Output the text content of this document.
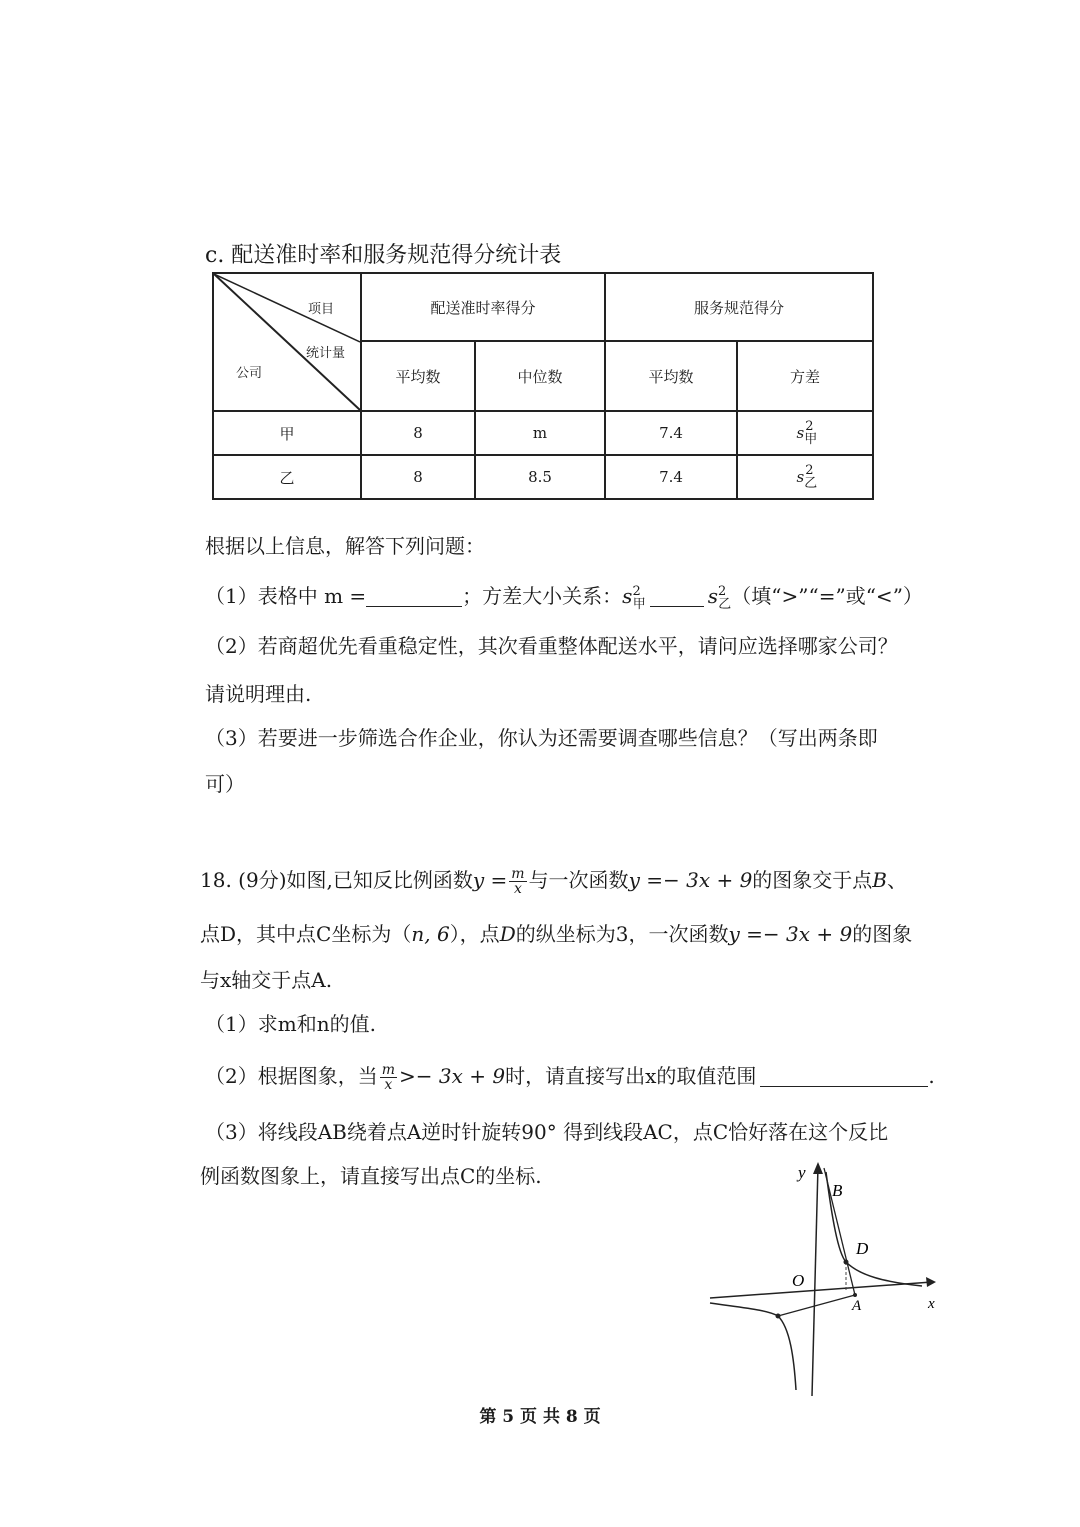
c. 配送准时率和服务规范得分统计表
项目
统计量
公司	配送准时率得分		服务规范得分	
	平均数	中位数	平均数	方差
甲	8	m	7.4	s甲2
乙	8	8.5	7.4	s乙2
根据以上信息，解答下列问题：
（1）表格中 m =	；方差大小关系：$s^2_甲$	$s^2_乙$（填“>”“=”或“<”）
（2）若商超优先看重稳定性，其次看重整体配送水平，请问应选择哪家公司？
请说明理由.
（3）若要进一步筛选合作企业，你认为还需要调查哪些信息？（写出两条即
可）
18. (9分)如图,已知反比例函数$y = \frac{m}{x}$ 与一次函数y =− 3x + 9的图象交于点B、
点D，其中点C坐标为（n, 6），点D的纵坐标为3，一次函数y =− 3x + 9的图象
与x轴交于点A.
（1）求m和n的值.
（2）根据图象，当 $\frac{m}{x} >- 3x + 9$时，请直接写出x的取值范围	.
（3）将线段AB绕着点A逆时针旋转90° 得到线段AC，点C恰好落在这个反比
例函数图象上，请直接写出点C的坐标.	y
x
O
B
D
A
第 5 页 共 8 页
